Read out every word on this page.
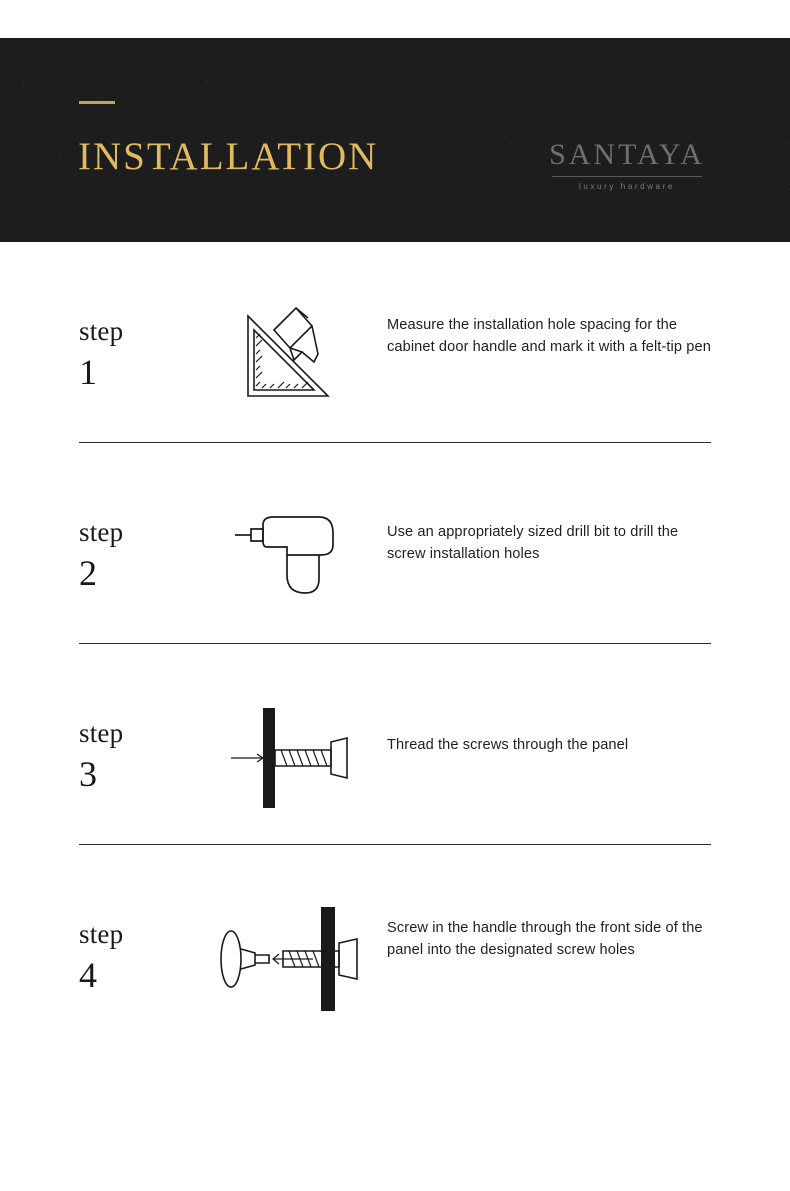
installation	SANTAYA
luxury hardware
step
1
Measure the installation hole spacing for the cabinet door handle and mark it with a felt-tip pen
step
2
Use an appropriately sized drill bit to drill the screw installation holes
step
3
Thread the screws through the panel
step
4
Screw in the handle through the front side of the panel into the designated screw holes
